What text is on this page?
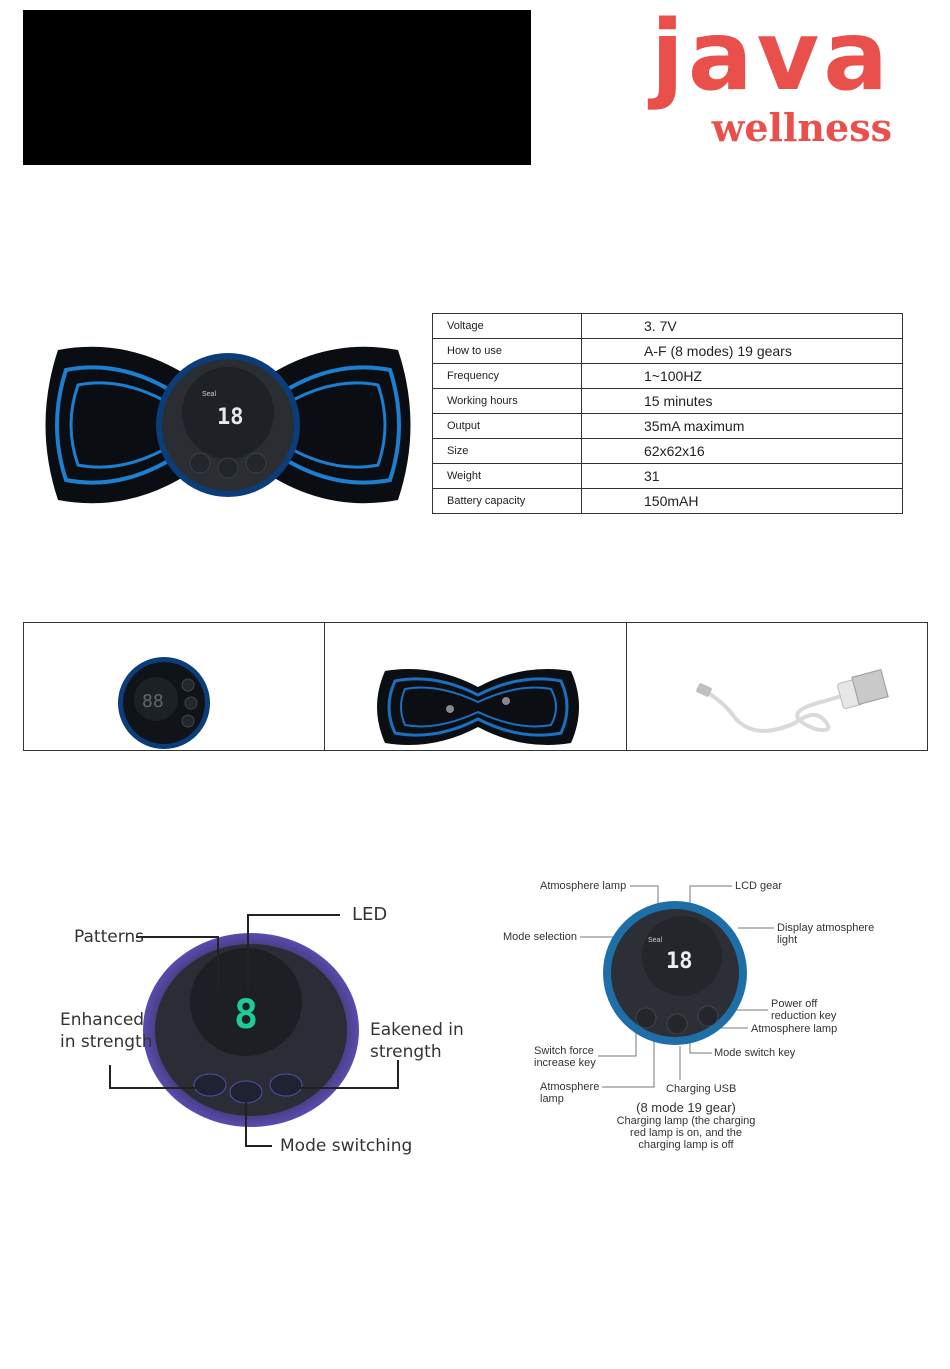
java
wellness
Seal
18
Voltage	3. 7V
How to use	A-F (8 modes) 19 gears
Frequency	1~100HZ
Working hours	15 minutes
Output	35mA maximum
Size	62x62x16
Weight	31
Battery capacity	150mAH
88
8
Patterns
LED
Enhanced
in strength
Eakened in
strength
Mode switching
Seal
18
Atmosphere lamp	LCD gear
Mode selection
Display atmosphere
light
Power off
reduction key
Atmosphere lamp
Switch force
increase key
Mode switch key
Atmosphere
lamp
Charging USB
(8 mode 19 gear)
Charging lamp (the charging
red lamp is on, and the
charging lamp is off
